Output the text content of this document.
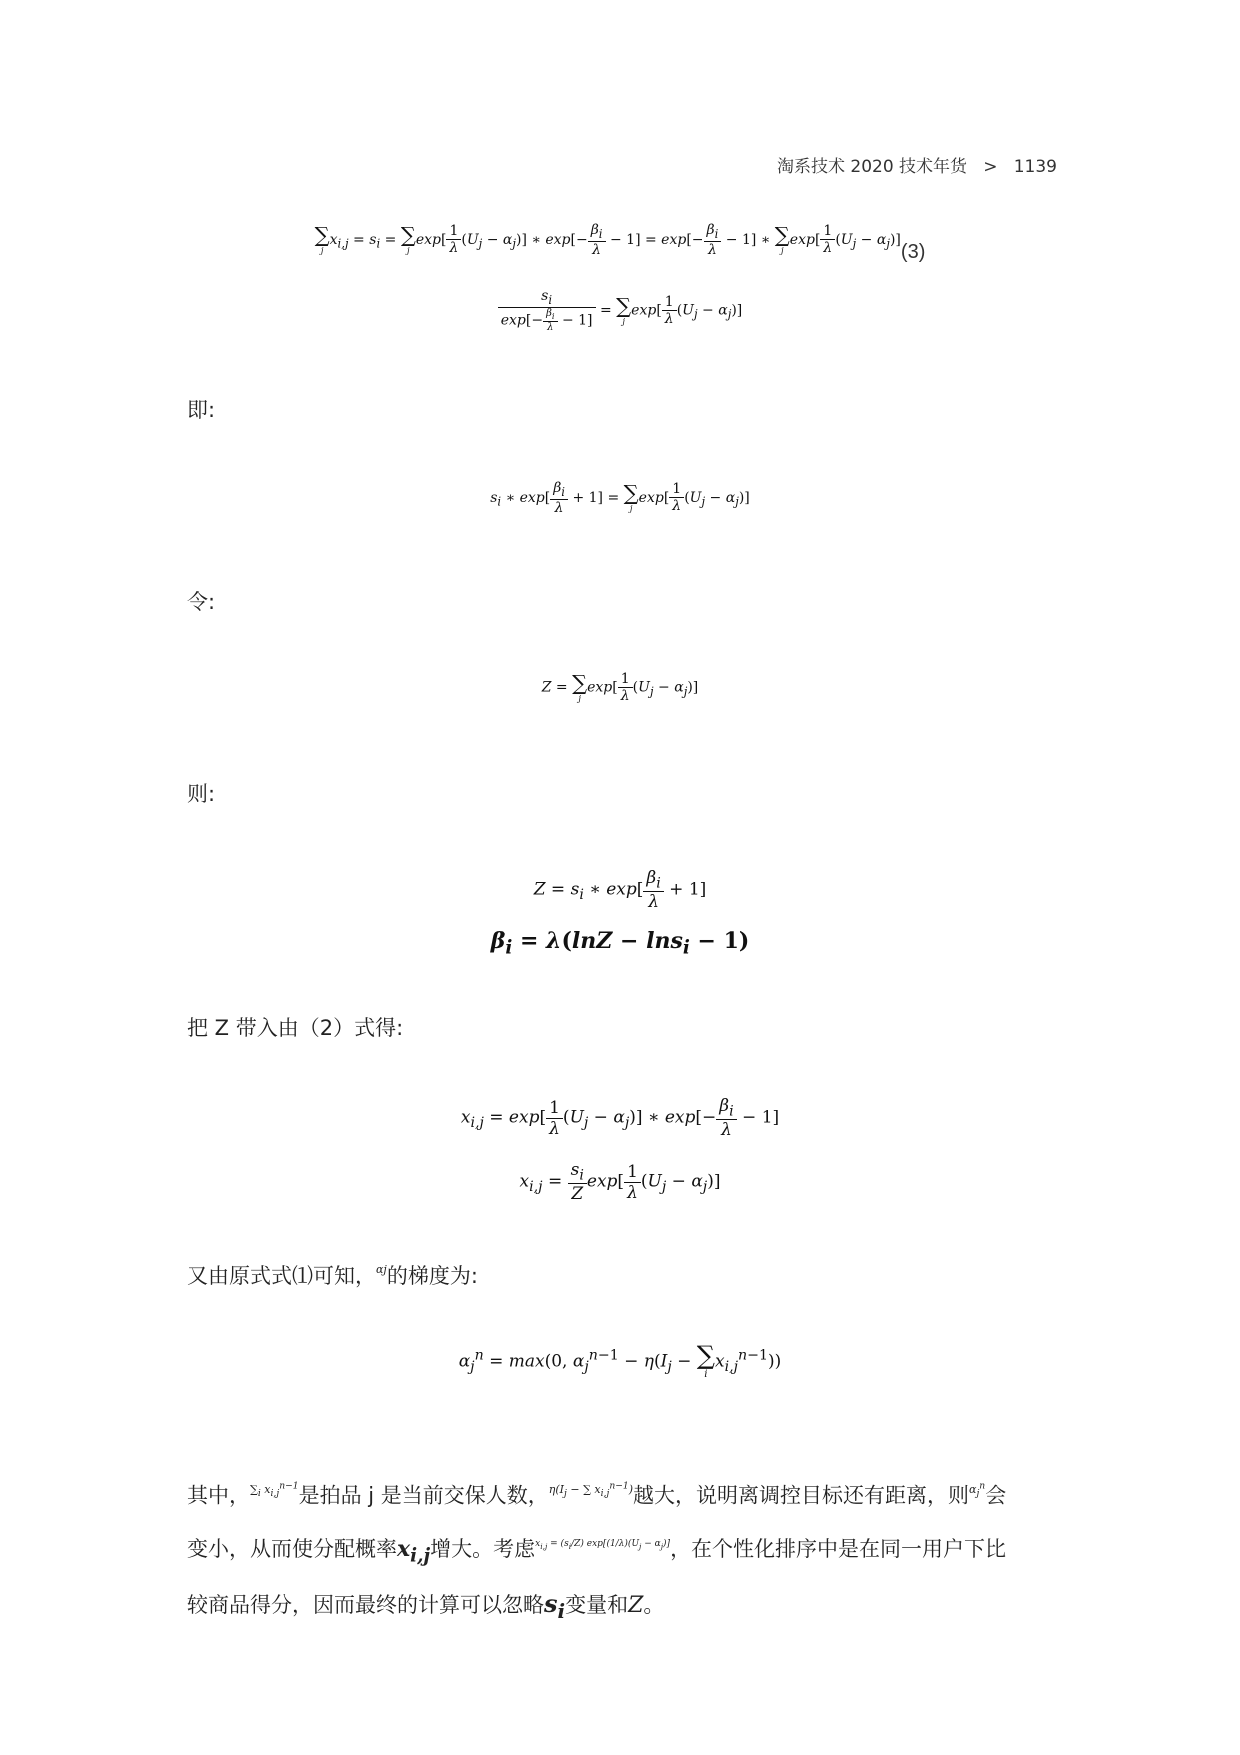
淘系技术 2020 技术年货 > 1139
∑
j
$x_{i,j} = s_i$ = ∑
j
$\exp[ \frac{1}{\lambda} (U_j - \alpha_j)]$ ∗ $\exp[- \frac{\beta_i}{\lambda} - 1] = \exp[- \frac{\beta_i}{\lambda} - 1]$ ∗ ∑
j
$\exp[ \frac{1}{\lambda} (U_j - \alpha_j)](3)$
$\frac{s_i}{\exp[- \frac{\beta_i}{\lambda} - 1]}$ = ∑
j
$\exp[ \frac{1}{\lambda} (U_j - \alpha_j)]$
即:
$s_i$ ∗ $\exp[ \frac{\beta_i}{\lambda} + 1]$ = ∑
j
$\exp[ \frac{1}{\lambda} (U_j - \alpha_j)]$
令:
Z = ∑
j
$\exp[ \frac{1}{\lambda} (U_j - \alpha_j)]$
则:
$Z = s_i$ ∗ $\exp[ \frac{\beta_i}{\lambda} + 1]$
$\beta_i = \lambda(\ln Z - \ln s_i - 1)$
把 Z 带入由（2）式得:
$x_{i,j} = \exp[ \frac{1}{\lambda} (U_j - \alpha_j)]$ ∗ $\exp[- \frac{\beta_i}{\lambda} - 1]$
$x_{i,j} = \frac{s_i}{Z} \exp[ \frac{1}{\lambda} (U_j - \alpha_j)]$
又由原式式⑴可知，$^{\alpha j}$的梯度为:
$\alpha_j^n = \max(0$, $\alpha_j^{n-1} - \eta(I_j$ − ∑
i
$x_{i,j}^{n-1}$))
其中，$^{\sum_i x_{i,j}^{n-1}}$是拍品 j 是当前交保人数，$^{\eta(I_j - \sum x_{i,j}^{n-1})}$越大，说明离调控目标还有距离，则$^{\alpha_j^n}$会
变小，从而使分配概率$x_{i,j}$增大。考虑$^{x_{i,j} = (s_i/Z) exp[(1/\lambda)(U_j - \alpha_j)]}$，在个性化排序中是在同一用户下比
较商品得分，因而最终的计算可以忽略$s_i$变量和Z。
